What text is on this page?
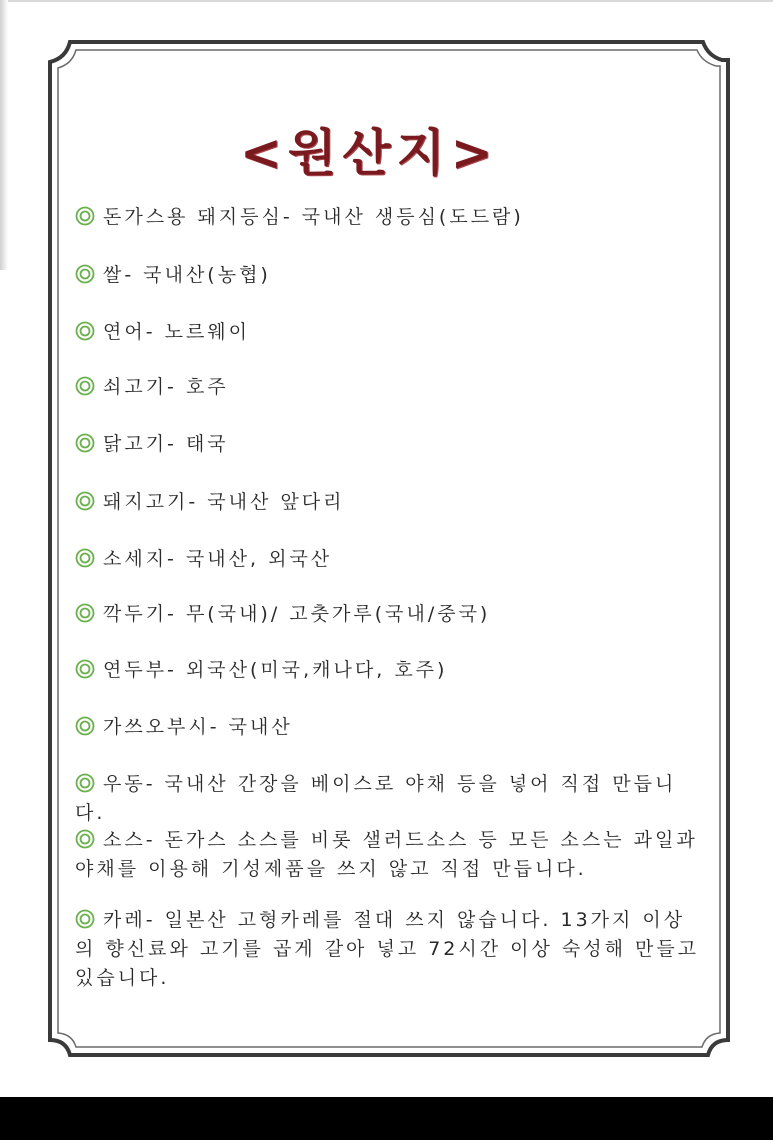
<원산지>
돈가스용 돼지등심- 국내산 생등심(도드람)
쌀- 국내산(농협)
연어- 노르웨이
쇠고기- 호주
닭고기- 태국
돼지고기- 국내산 앞다리
소세지- 국내산, 외국산
깍두기- 무(국내)/ 고춧가루(국내/중국)
연두부- 외국산(미국,캐나다, 호주)
가쓰오부시- 국내산
우동- 국내산 간장을 베이스로 야채 등을 넣어 직접 만듭니다.
소스- 돈가스 소스를 비롯 샐러드소스 등 모든 소스는 과일과 야채를 이용해 기성제품을 쓰지 않고 직접 만듭니다.
카레- 일본산 고형카레를 절대 쓰지 않습니다. 13가지 이상의 향신료와 고기를 곱게 갈아 넣고 72시간 이상 숙성해 만들고 있습니다.
